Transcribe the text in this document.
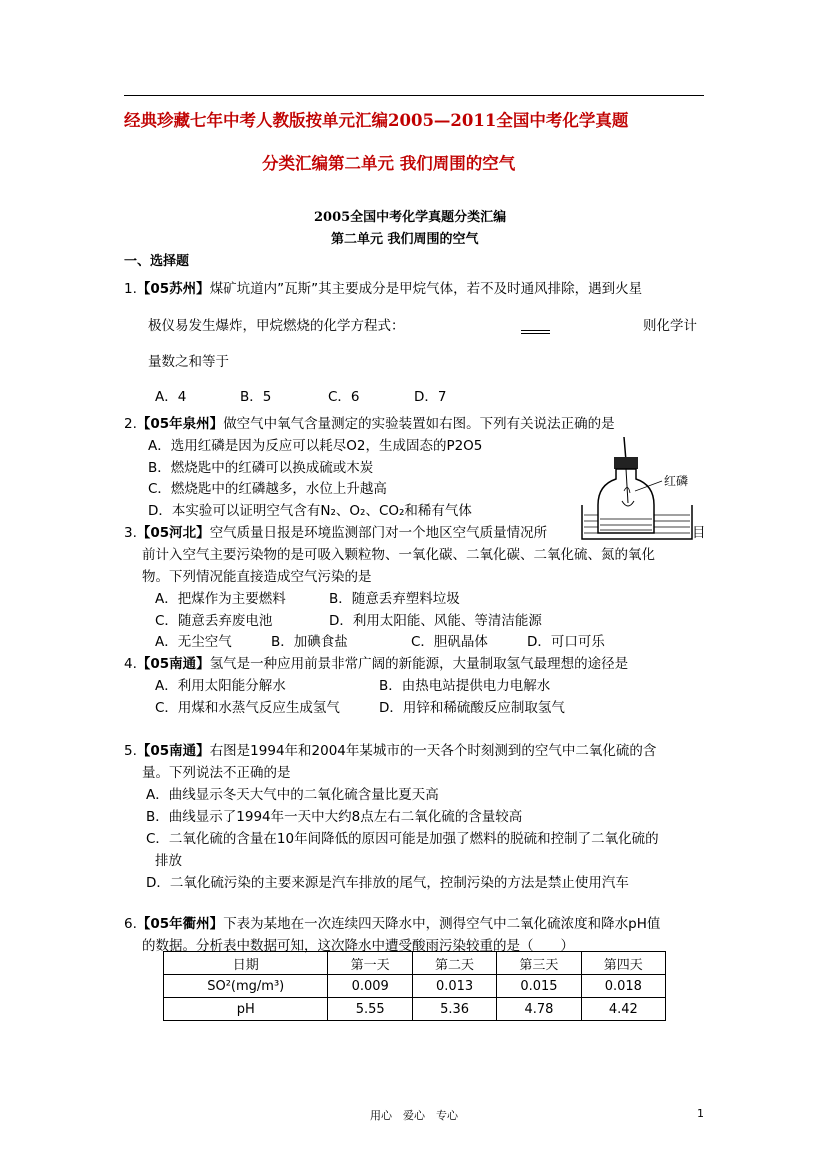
经典珍藏七年中考人教版按单元汇编2005—2011全国中考化学真题
分类汇编第二单元 我们周围的空气
2005全国中考化学真题分类汇编
第二单元 我们周围的空气
一、选择题
1.【05苏州】煤矿坑道内”瓦斯”其主要成分是甲烷气体，若不及时通风排除，遇到火星
极仪易发生爆炸，甲烷燃烧的化学方程式：	则化学计
量数之和等于
A．4	B．5	C．6	D．7
2.【05年泉州】做空气中氧气含量测定的实验装置如右图。下列有关说法正确的是
A．选用红磷是因为反应可以耗尽O2，生成固态的P2O5
B．燃烧匙中的红磷可以换成硫或木炭
C．燃烧匙中的红磷越多，水位上升越高
D．本实验可以证明空气含有N₂、O₂、CO₂和稀有气体
红磷
3.【05河北】空气质量日报是环境监测部门对一个地区空气质量情况所	目
前计入空气主要污染物的是可吸入颗粒物、一氧化碳、二氧化碳、二氧化硫、氮的氧化
物。下列情况能直接造成空气污染的是
A．把煤作为主要燃料	B．随意丢弃塑料垃圾
C．随意丢弃废电池	D．利用太阳能、风能、等清洁能源
A．无尘空气	B．加碘食盐	C．胆矾晶体	D．可口可乐
4.【05南通】氢气是一种应用前景非常广阔的新能源，大量制取氢气最理想的途径是
A．利用太阳能分解水	B．由热电站提供电力电解水
C．用煤和水蒸气反应生成氢气	D．用锌和稀硫酸反应制取氢气
5.【05南通】右图是1994年和2004年某城市的一天各个时刻测到的空气中二氧化硫的含
量。下列说法不正确的是
A．曲线显示冬天大气中的二氧化硫含量比夏天高
B．曲线显示了1994年一天中大约8点左右二氧化硫的含量较高
C．二氧化硫的含量在10年间降低的原因可能是加强了燃料的脱硫和控制了二氧化硫的
排放
D．二氧化硫污染的主要来源是汽车排放的尾气，控制污染的方法是禁止使用汽车
6.【05年衢州】下表为某地在一次连续四天降水中，测得空气中二氧化硫浓度和降水pH值
的数据。分析表中数据可知，这次降水中遭受酸雨污染较重的是（　　）
日期	第一天	第二天	第三天	第四天
SO²(mg/m³)	0.009	0.013	0.015	0.018
pH	5.55	5.36	4.78	4.42
用心　爱心　专心	1
